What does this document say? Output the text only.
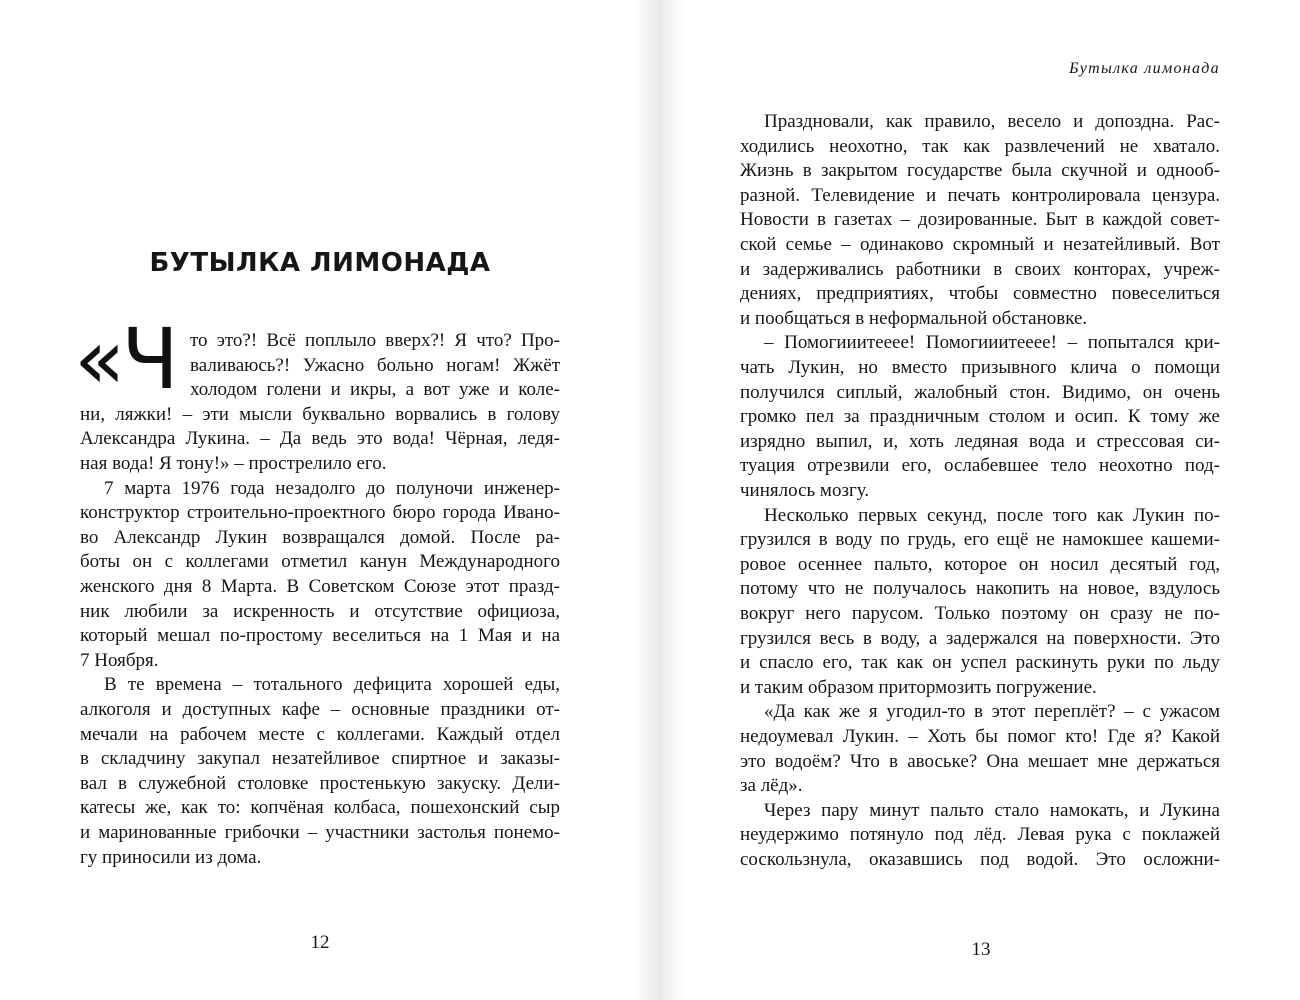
Бутылка лимонада
БУТЫЛКА ЛИМОНАДА
«Ч то это?! Всё поплыло вверх?! Я что? Про-
валиваюсь?! Ужасно больно ногам! Жжёт
холодом голени и икры, а вот уже и коле-
ни, ляжки! – эти мысли буквально ворвались в голову
Александра Лукина. – Да ведь это вода! Чёрная, ледя-
ная вода! Я тону!» – прострелило его.
7 марта 1976 года незадолго до полуночи инженер-
конструктор строительно-проектного бюро города Ивано-
во Александр Лукин возвращался домой. После ра-
боты он с коллегами отметил канун Международного
женского дня 8 Марта. В Советском Союзе этот празд-
ник любили за искренность и отсутствие официоза,
который мешал по-простому веселиться на 1 Мая и на
7 Ноября.
В те времена – тотального дефицита хорошей еды,
алкоголя и доступных кафе – основные праздники от-
мечали на рабочем месте с коллегами. Каждый отдел
в складчину закупал незатейливое спиртное и заказы-
вал в служебной столовке простенькую закуску. Дели-
катесы же, как то: копчёная колбаса, пошехонский сыр
и маринованные грибочки – участники застолья понемо-
гу приносили из дома.
Праздновали, как правило, весело и допоздна. Рас-
ходились неохотно, так как развлечений не хватало.
Жизнь в закрытом государстве была скучной и однооб-
разной. Телевидение и печать контролировала цензура.
Новости в газетах – дозированные. Быт в каждой совет-
ской семье – одинаково скромный и незатейливый. Вот
и задерживались работники в своих конторах, учреж-
дениях, предприятиях, чтобы совместно повеселиться
и пообщаться в неформальной обстановке.
– Помогииитееее! Помогииитееее! – попытался кри-
чать Лукин, но вместо призывного клича о помощи
получился сиплый, жалобный стон. Видимо, он очень
громко пел за праздничным столом и осип. К тому же
изрядно выпил, и, хоть ледяная вода и стрессовая си-
туация отрезвили его, ослабевшее тело неохотно под-
чинялось мозгу.
Несколько первых секунд, после того как Лукин по-
грузился в воду по грудь, его ещё не намокшее кашеми-
ровое осеннее пальто, которое он носил десятый год,
потому что не получалось накопить на новое, вздулось
вокруг него парусом. Только поэтому он сразу не по-
грузился весь в воду, а задержался на поверхности. Это
и спасло его, так как он успел раскинуть руки по льду
и таким образом притормозить погружение.
«Да как же я угодил-то в этот переплёт? – с ужасом
недоумевал Лукин. – Хоть бы помог кто! Где я? Какой
это водоём? Что в авоське? Она мешает мне держаться
за лёд».
Через пару минут пальто стало намокать, и Лукина
неудержимо потянуло под лёд. Левая рука с поклажей
соскользнула, оказавшись под водой. Это осложни-
12	13
